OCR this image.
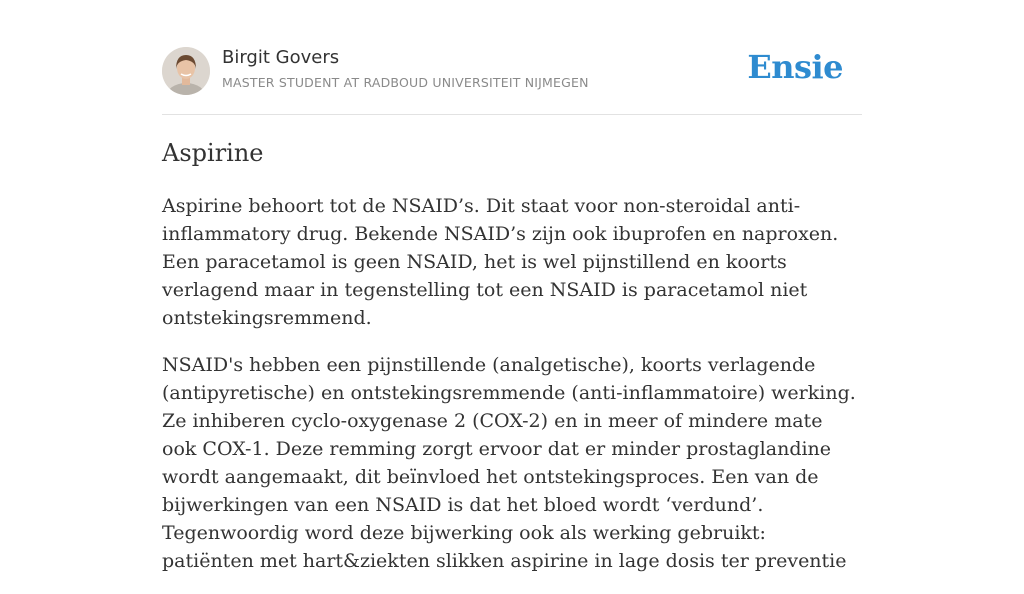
Birgit Govers
MASTER STUDENT AT RADBOUD UNIVERSITEIT NIJMEGEN	Ensie
Aspirine

Aspirine behoort tot de NSAID’s. Dit staat voor non-steroidal anti-inflammatory drug. Bekende NSAID’s zijn ook ibuprofen en naproxen. Een paracetamol is geen NSAID, het is wel pijnstillend en koorts verlagend maar in tegenstelling tot een NSAID is paracetamol niet ontstekingsremmend.

NSAID's hebben een pijnstillende (analgetische), koorts verlagende (antipyretische) en ontstekingsremmende (anti-inflammatoire) werking. Ze inhiberen cyclo-oxygenase 2 (COX-2) en in meer of mindere mate ook COX-1. Deze remming zorgt ervoor dat er minder prostaglandine wordt aangemaakt, dit beïnvloed het ontstekingsproces. Een van de bijwerkingen van een NSAID is dat het bloed wordt ‘verdund’. Tegenwoordig word deze bijwerking ook als werking gebruikt: patiënten met hart&ziekten slikken aspirine in lage dosis ter preventie
